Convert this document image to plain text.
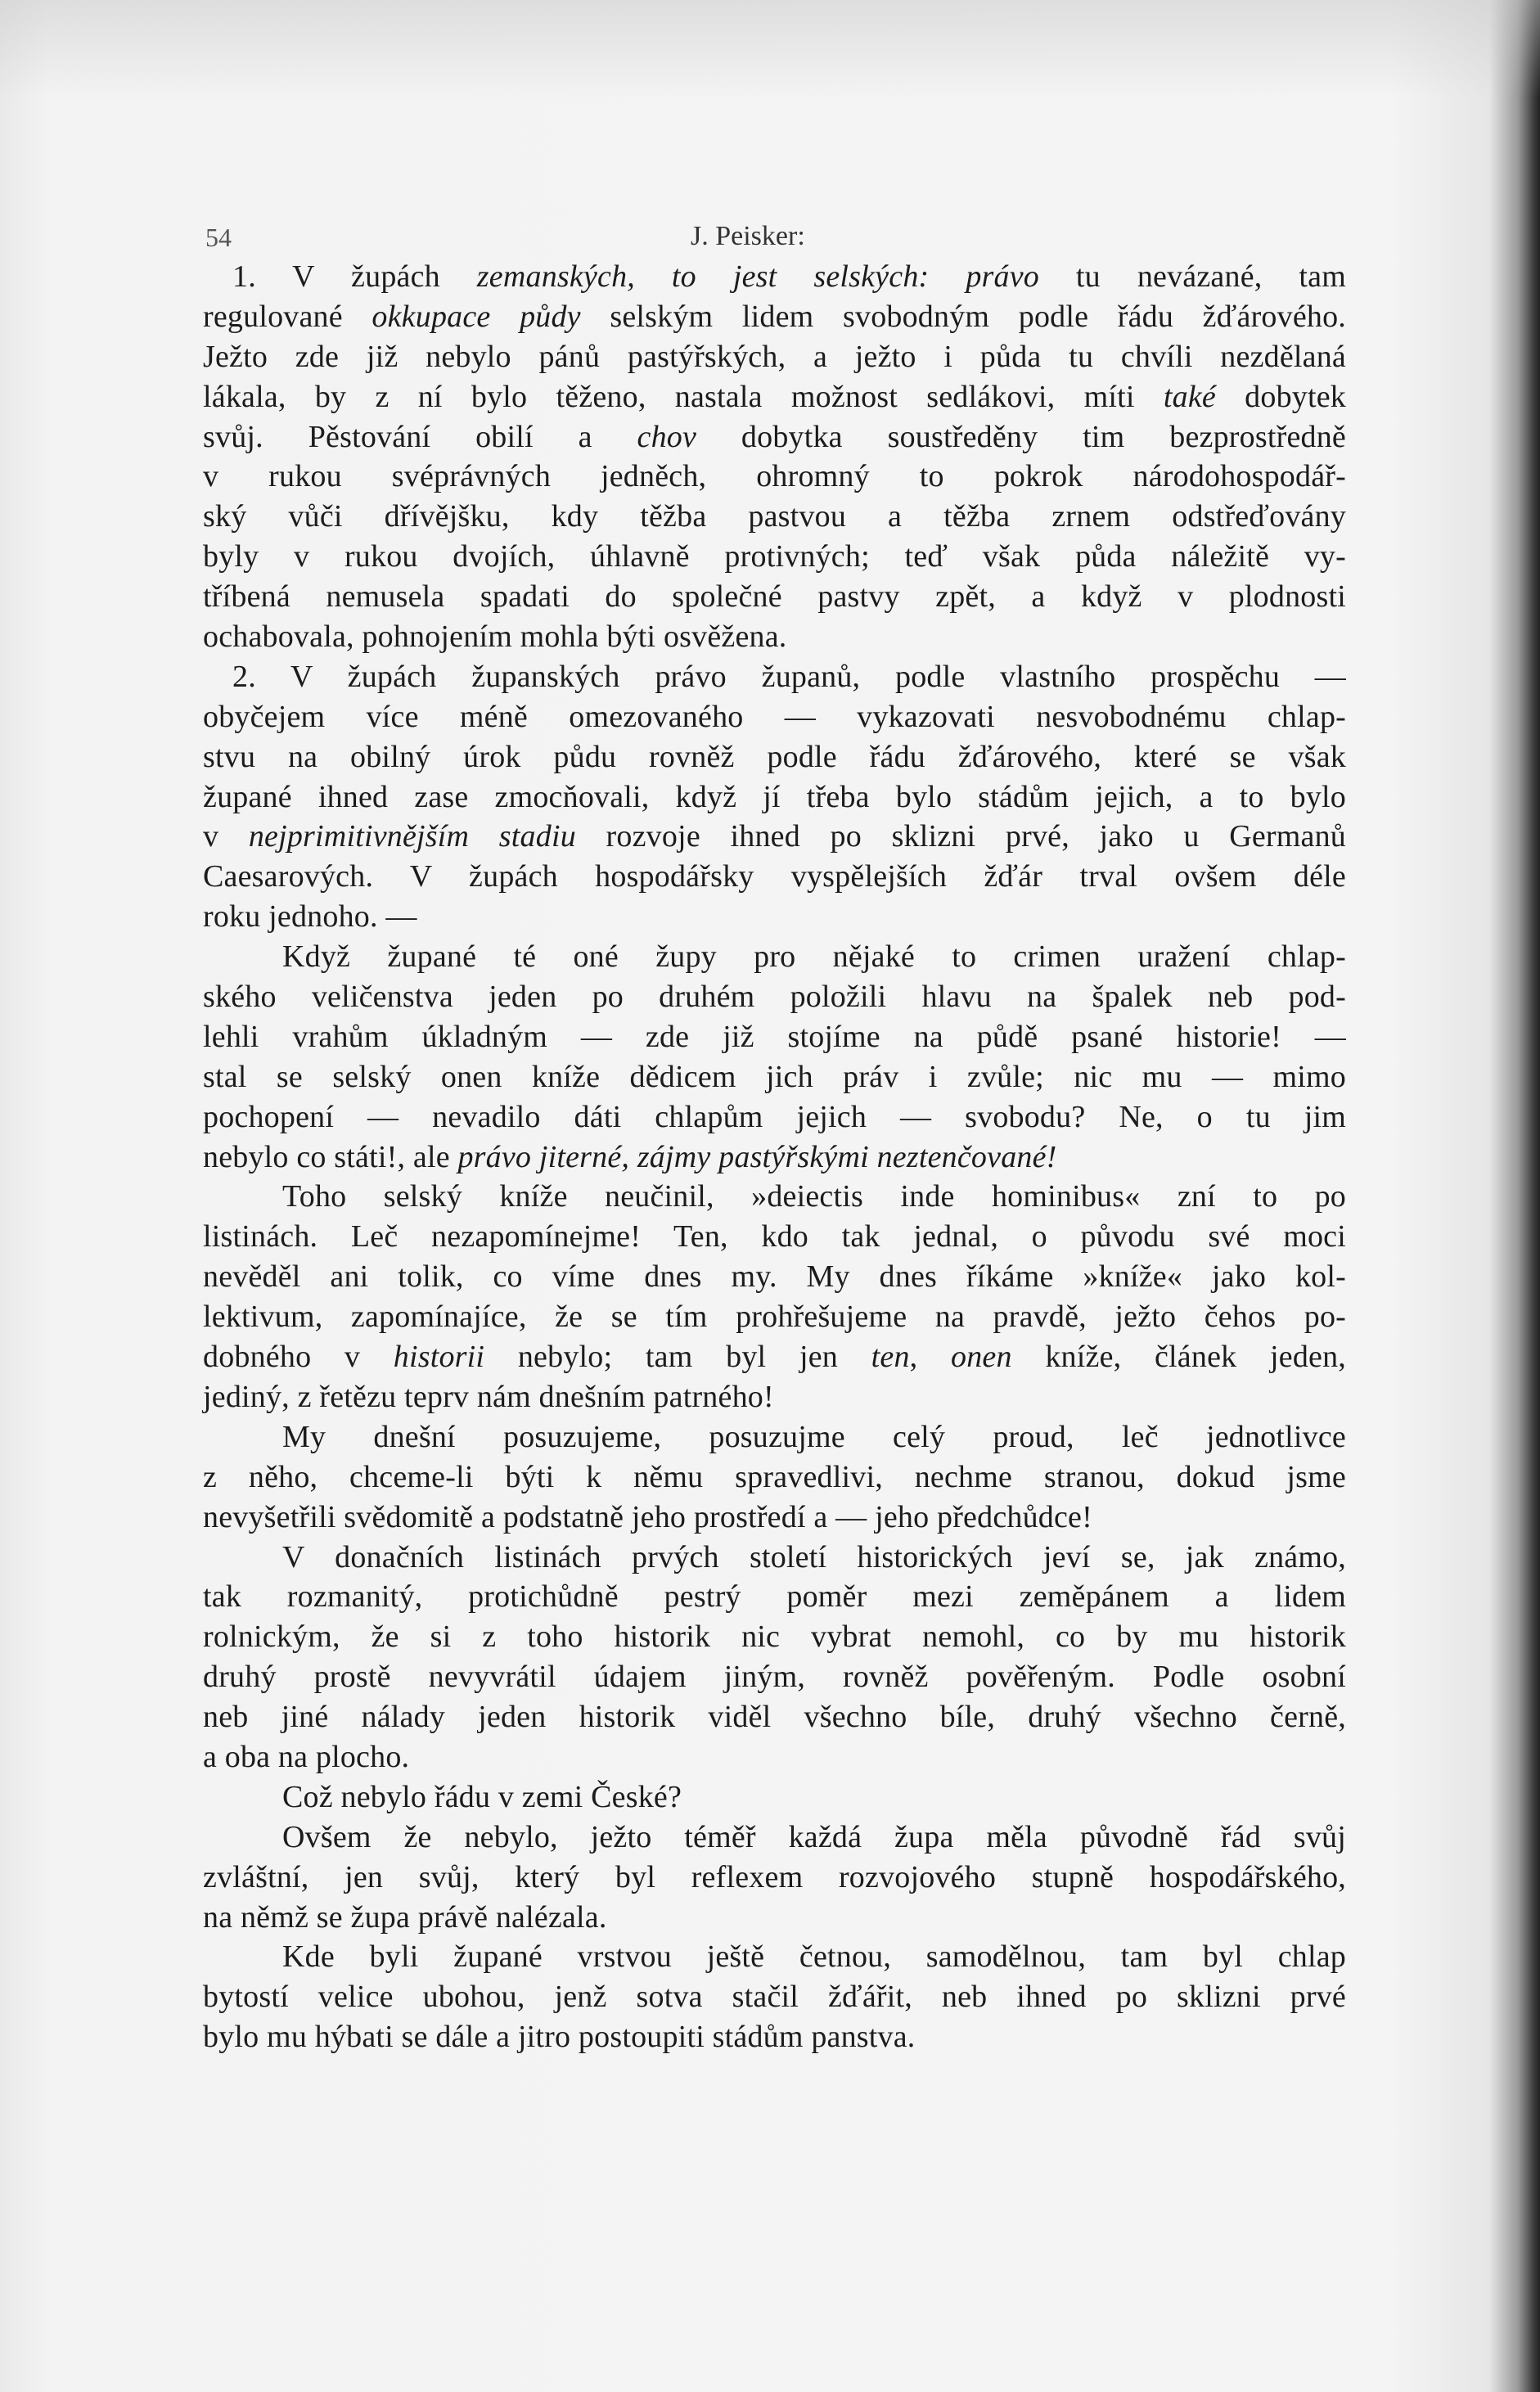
54	J. Peisker:
1. V župách zemanských, to jest selských: právo tu nevázané, tam
regulované okkupace půdy selským lidem svobodným podle řádu žďárového.
Ježto zde již nebylo pánů pastýřských, a ježto i půda tu chvíli nezdělaná
lákala, by z ní bylo těženo, nastala možnost sedlákovi, míti také dobytek
svůj. Pěstování obilí a chov dobytka soustředěny tim bezprostředně
v rukou svéprávných jedněch, ohromný to pokrok národohospodář-
ský vůči dřívějšku, kdy těžba pastvou a těžba zrnem odstřeďovány
byly v rukou dvojích, úhlavně protivných; teď však půda náležitě vy-
tříbená nemusela spadati do společné pastvy zpět, a když v plodnosti
ochabovala, pohnojením mohla býti osvěžena.
2. V župách županských právo županů, podle vlastního prospěchu —
obyčejem více méně omezovaného — vykazovati nesvobodnému chlap-
stvu na obilný úrok půdu rovněž podle řádu žďárového, které se však
župané ihned zase zmocňovali, když jí třeba bylo stádům jejich, a to bylo
v nejprimitivnějším stadiu rozvoje ihned po sklizni prvé, jako u Germanů
Caesarových. V župách hospodářsky vyspělejších žďár trval ovšem déle
roku jednoho. —
Když župané té oné župy pro nějaké to crimen uražení chlap-
ského veličenstva jeden po druhém položili hlavu na špalek neb pod-
lehli vrahům úkladným — zde již stojíme na půdě psané historie! —
stal se selský onen kníže dědicem jich práv i zvůle; nic mu — mimo
pochopení — nevadilo dáti chlapům jejich — svobodu? Ne, o tu jim
nebylo co státi!, ale právo jiterné, zájmy pastýřskými neztenčované!
Toho selský kníže neučinil, »deiectis inde hominibus« zní to po
listinách. Leč nezapomínejme! Ten, kdo tak jednal, o původu své moci
nevěděl ani tolik, co víme dnes my. My dnes říkáme »kníže« jako kol-
lektivum, zapomínajíce, že se tím prohřešujeme na pravdě, ježto čehos po-
dobného v historii nebylo; tam byl jen ten, onen kníže, článek jeden,
jediný, z řetězu teprv nám dnešním patrného!
My dnešní posuzujeme, posuzujme celý proud, leč jednotlivce
z něho, chceme-li býti k němu spravedlivi, nechme stranou, dokud jsme
nevyšetřili svědomitě a podstatně jeho prostředí a — jeho předchůdce!
V donačních listinách prvých století historických jeví se, jak známo,
tak rozmanitý, protichůdně pestrý poměr mezi zeměpánem a lidem
rolnickým, že si z toho historik nic vybrat nemohl, co by mu historik
druhý prostě nevyvrátil údajem jiným, rovněž pověřeným. Podle osobní
neb jiné nálady jeden historik viděl všechno bíle, druhý všechno černě,
a oba na plocho.
Což nebylo řádu v zemi České?
Ovšem že nebylo, ježto téměř každá župa měla původně řád svůj
zvláštní, jen svůj, který byl reflexem rozvojového stupně hospodářského,
na němž se župa právě nalézala.
Kde byli župané vrstvou ještě četnou, samodělnou, tam byl chlap
bytostí velice ubohou, jenž sotva stačil žďářit, neb ihned po sklizni prvé
bylo mu hýbati se dále a jitro postoupiti stádům panstva.
